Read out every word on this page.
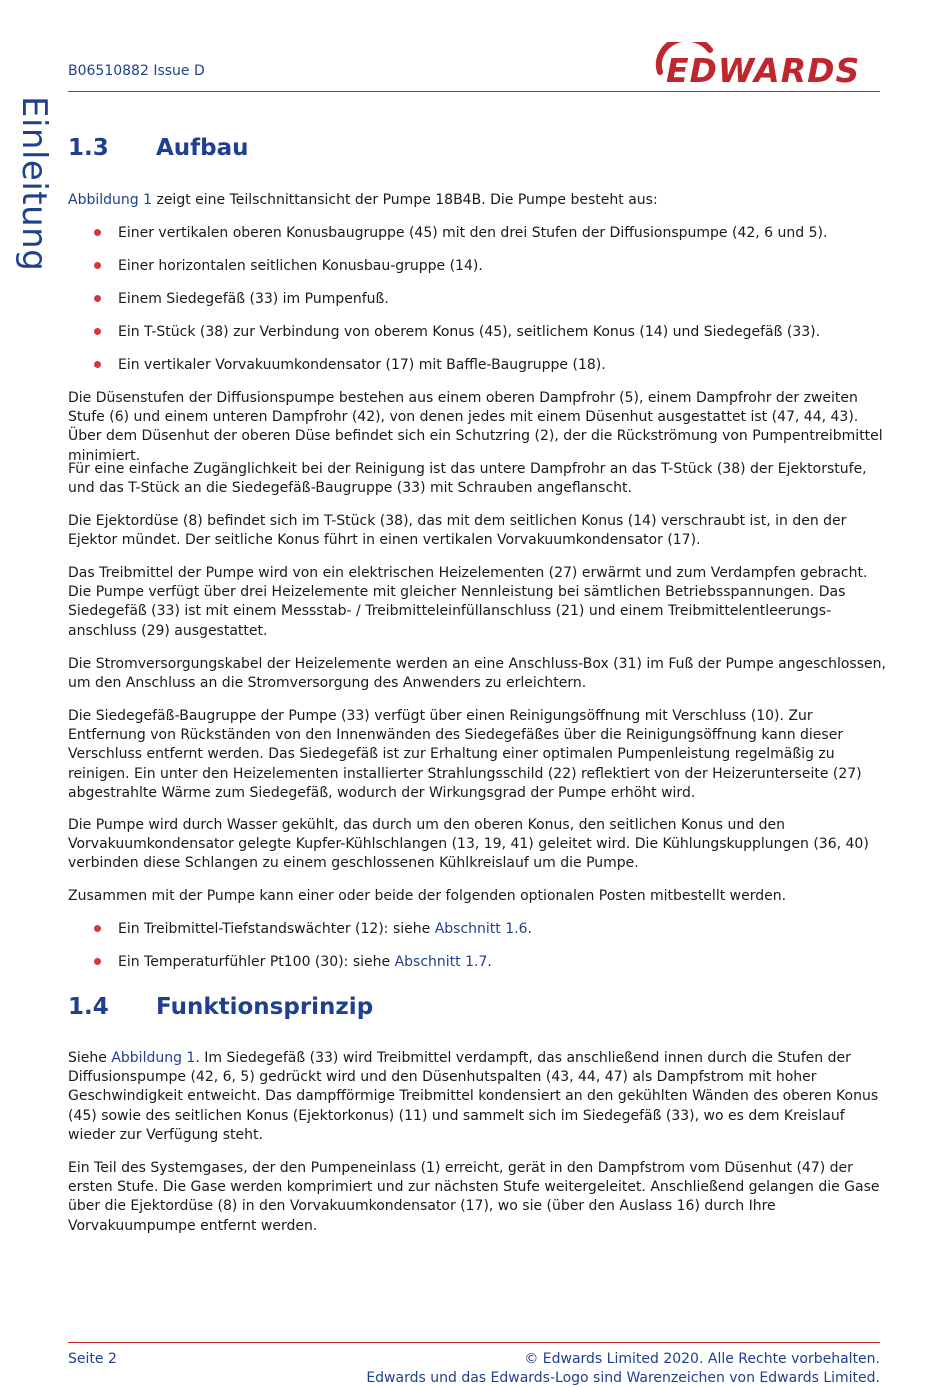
B06510882 Issue D	EDWARDS
Einleitung 1.3 Aufbau

Abbildung 1 zeigt eine Teilschnittansicht der Pumpe 18B4B. Die Pumpe besteht aus:

Einer vertikalen oberen Konusbaugruppe (45) mit den drei Stufen der Diffusionspumpe (42, 6 und 5).
Einer horizontalen seitlichen Konusbau-gruppe (14).
Einem Siedegefäß (33) im Pumpenfuß.
Ein T-Stück (38) zur Verbindung von oberem Konus (45), seitlichem Konus (14) und Siedegefäß (33).
Ein vertikaler Vorvakuumkondensator (17) mit Baffle-Baugruppe (18).

Die Düsenstufen der Diffusionspumpe bestehen aus einem oberen Dampfrohr (5), einem Dampfrohr der zweiten Stufe (6) und einem unteren Dampfrohr (42), von denen jedes mit einem Düsenhut ausgestattet ist (47, 44, 43). Über dem Düsenhut der oberen Düse befindet sich ein Schutzring (2), der die Rückströmung von Pumpentreibmittel minimiert.

Für eine einfache Zugänglichkeit bei der Reinigung ist das untere Dampfrohr an das T-Stück (38) der Ejektorstufe, und das T-Stück an die Siedegefäß-Baugruppe (33) mit Schrauben angeflanscht.

Die Ejektordüse (8) befindet sich im T-Stück (38), das mit dem seitlichen Konus (14) verschraubt ist, in den der Ejektor mündet. Der seitliche Konus führt in einen vertikalen Vorvakuumkondensator (17).

Das Treibmittel der Pumpe wird von ein elektrischen Heizelementen (27) erwärmt und zum Verdampfen gebracht. Die Pumpe verfügt über drei Heizelemente mit gleicher Nennleistung bei sämtlichen Betriebsspannungen. Das Siedegefäß (33) ist mit einem Messstab- / Treibmitteleinfüllanschluss (21) und einem Treibmittelentleerungs-anschluss (29) ausgestattet.

Die Stromversorgungskabel der Heizelemente werden an eine Anschluss-Box (31) im Fuß der Pumpe angeschlossen, um den Anschluss an die Stromversorgung des Anwenders zu erleichtern.

Die Siedegefäß-Baugruppe der Pumpe (33) verfügt über einen Reinigungsöffnung mit Verschluss (10). Zur Entfernung von Rückständen von den Innenwänden des Siedegefäßes über die Reinigungsöffnung kann dieser Verschluss entfernt werden. Das Siedegefäß ist zur Erhaltung einer optimalen Pumpenleistung regelmäßig zu reinigen. Ein unter den Heizelementen installierter Strahlungsschild (22) reflektiert von der Heizerunterseite (27) abgestrahlte Wärme zum Siedegefäß, wodurch der Wirkungsgrad der Pumpe erhöht wird.

Die Pumpe wird durch Wasser gekühlt, das durch um den oberen Konus, den seitlichen Konus und den Vorvakuumkondensator gelegte Kupfer-Kühlschlangen (13, 19, 41) geleitet wird. Die Kühlungskupplungen (36, 40) verbinden diese Schlangen zu einem geschlossenen Kühlkreislauf um die Pumpe.

Zusammen mit der Pumpe kann einer oder beide der folgenden optionalen Posten mitbestellt werden.

Ein Treibmittel-Tiefstandswächter (12): siehe Abschnitt 1.6.
Ein Temperaturfühler Pt100 (30): siehe Abschnitt 1.7.
1.4 Funktionsprinzip

Siehe Abbildung 1. Im Siedegefäß (33) wird Treibmittel verdampft, das anschließend innen durch die Stufen der Diffusionspumpe (42, 6, 5) gedrückt wird und den Düsenhutspalten (43, 44, 47) als Dampfstrom mit hoher Geschwindigkeit entweicht. Das dampfförmige Treibmittel kondensiert an den gekühlten Wänden des oberen Konus (45) sowie des seitlichen Konus (Ejektorkonus) (11) und sammelt sich im Siedegefäß (33), wo es dem Kreislauf wieder zur Verfügung steht.

Ein Teil des Systemgases, der den Pumpeneinlass (1) erreicht, gerät in den Dampfstrom vom Düsenhut (47) der ersten Stufe. Die Gase werden komprimiert und zur nächsten Stufe weitergeleitet. Anschließend gelangen die Gase über die Ejektordüse (8) in den Vorvakuumkondensator (17), wo sie (über den Auslass 16) durch Ihre Vorvakuumpumpe entfernt werden.

Seite 2	© Edwards Limited 2020. Alle Rechte vorbehalten.
Edwards und das Edwards-Logo sind Warenzeichen von Edwards Limited.
